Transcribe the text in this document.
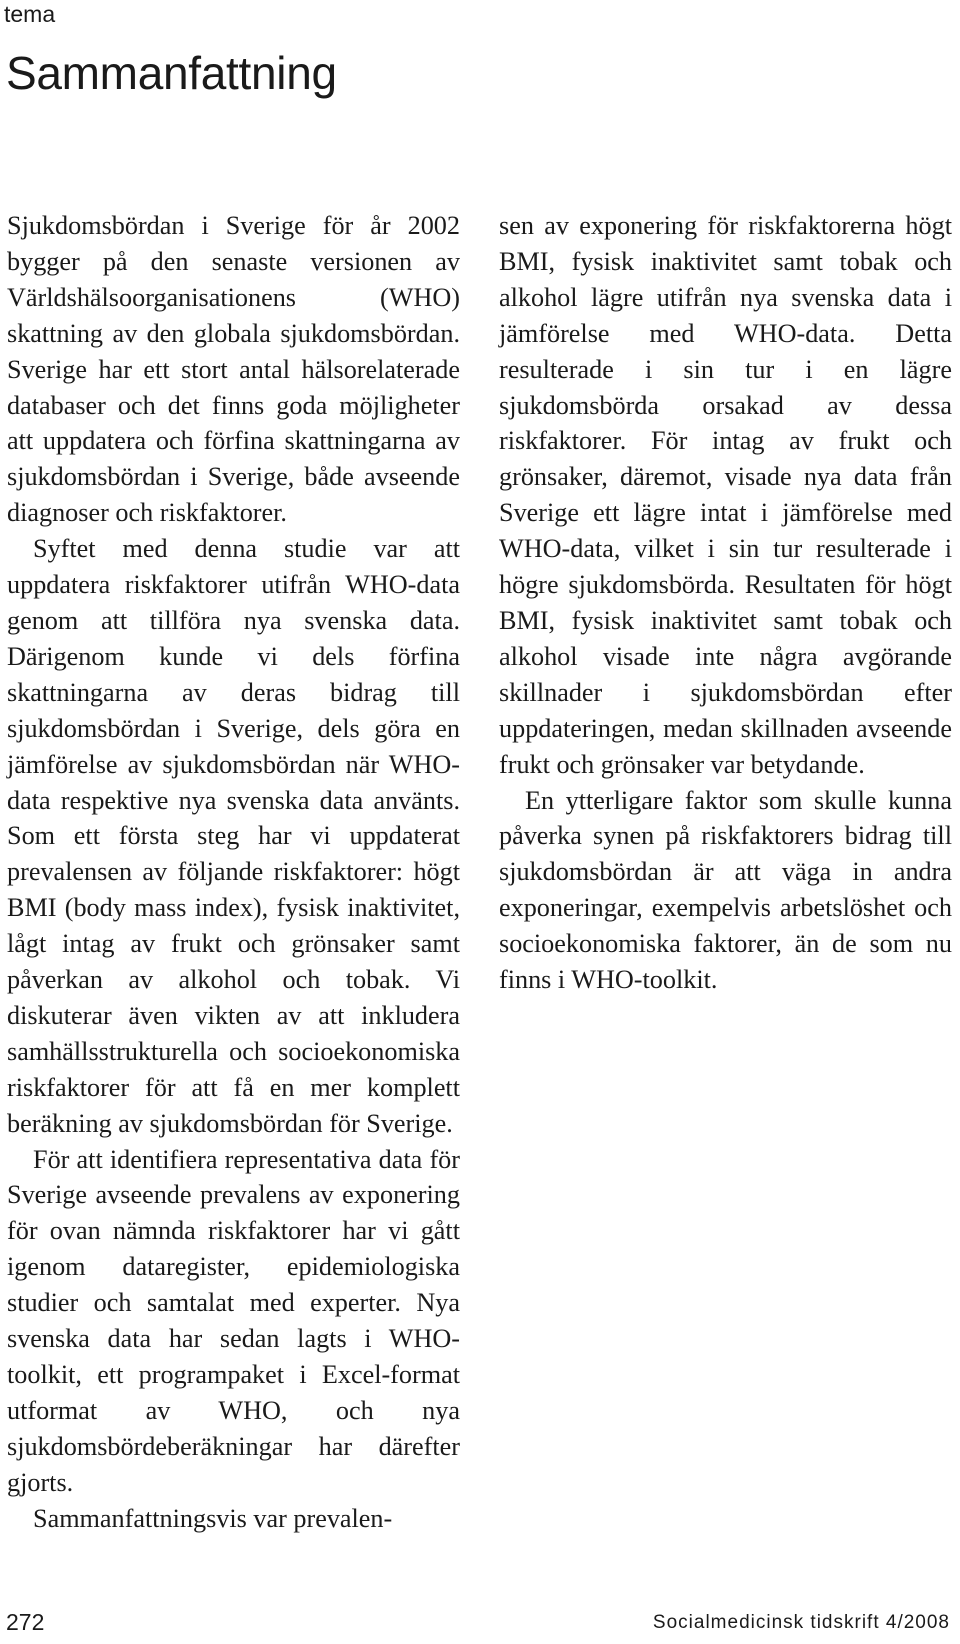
tema
Sammanfattning

Sjukdomsbördan i Sverige för år 2002 bygger på den senaste versionen av Världshälsoorganisationens (WHO) skattning av den globala sjukdomsbördan. Sverige har ett stort antal hälsorelaterade databaser och det finns goda möjligheter att uppdatera och förfina skattningarna av sjukdomsbördan i Sverige, både avseende diagnoser och riskfaktorer.

Syftet med denna studie var att uppdatera riskfaktorer utifrån WHO-data genom att tillföra nya svenska data. Därigenom kunde vi dels förfina skattningarna av deras bidrag till sjukdomsbördan i Sverige, dels göra en jämförelse av sjukdomsbördan när WHO-data respektive nya svenska data använts. Som ett första steg har vi uppdaterat prevalensen av följande riskfaktorer: högt BMI (body mass index), fysisk inaktivitet, lågt intag av frukt och grönsaker samt påverkan av alkohol och tobak. Vi diskuterar även vikten av att inkludera samhällsstrukturella och socioekonomiska riskfaktorer för att få en mer komplett beräkning av sjukdomsbördan för Sverige.

För att identifiera representativa data för Sverige avseende prevalens av exponering för ovan nämnda riskfaktorer har vi gått igenom dataregister, epidemiologiska studier och samtalat med experter. Nya svenska data har sedan lagts i WHO-toolkit, ett programpaket i Excel-format utformat av WHO, och nya sjukdomsbördeberäkningar har därefter gjorts.

Sammanfattningsvis var prevalen-

sen av exponering för riskfaktorerna högt BMI, fysisk inaktivitet samt tobak och alkohol lägre utifrån nya svenska data i jämförelse med WHO-data. Detta resulterade i sin tur i en lägre sjukdomsbörda orsakad av dessa riskfaktorer. För intag av frukt och grönsaker, däremot, visade nya data från Sverige ett lägre intat i jämförelse med WHO-data, vilket i sin tur resulterade i högre sjukdomsbörda. Resultaten för högt BMI, fysisk inaktivitet samt tobak och alkohol visade inte några avgörande skillnader i sjukdomsbördan efter uppdateringen, medan skillnaden avseende frukt och grönsaker var betydande.

En ytterligare faktor som skulle kunna påverka synen på riskfaktorers bidrag till sjukdomsbördan är att väga in andra exponeringar, exempelvis arbetslöshet och socioekonomiska faktorer, än de som nu finns i WHO-toolkit.

272	Socialmedicinsk tidskrift 4/2008
